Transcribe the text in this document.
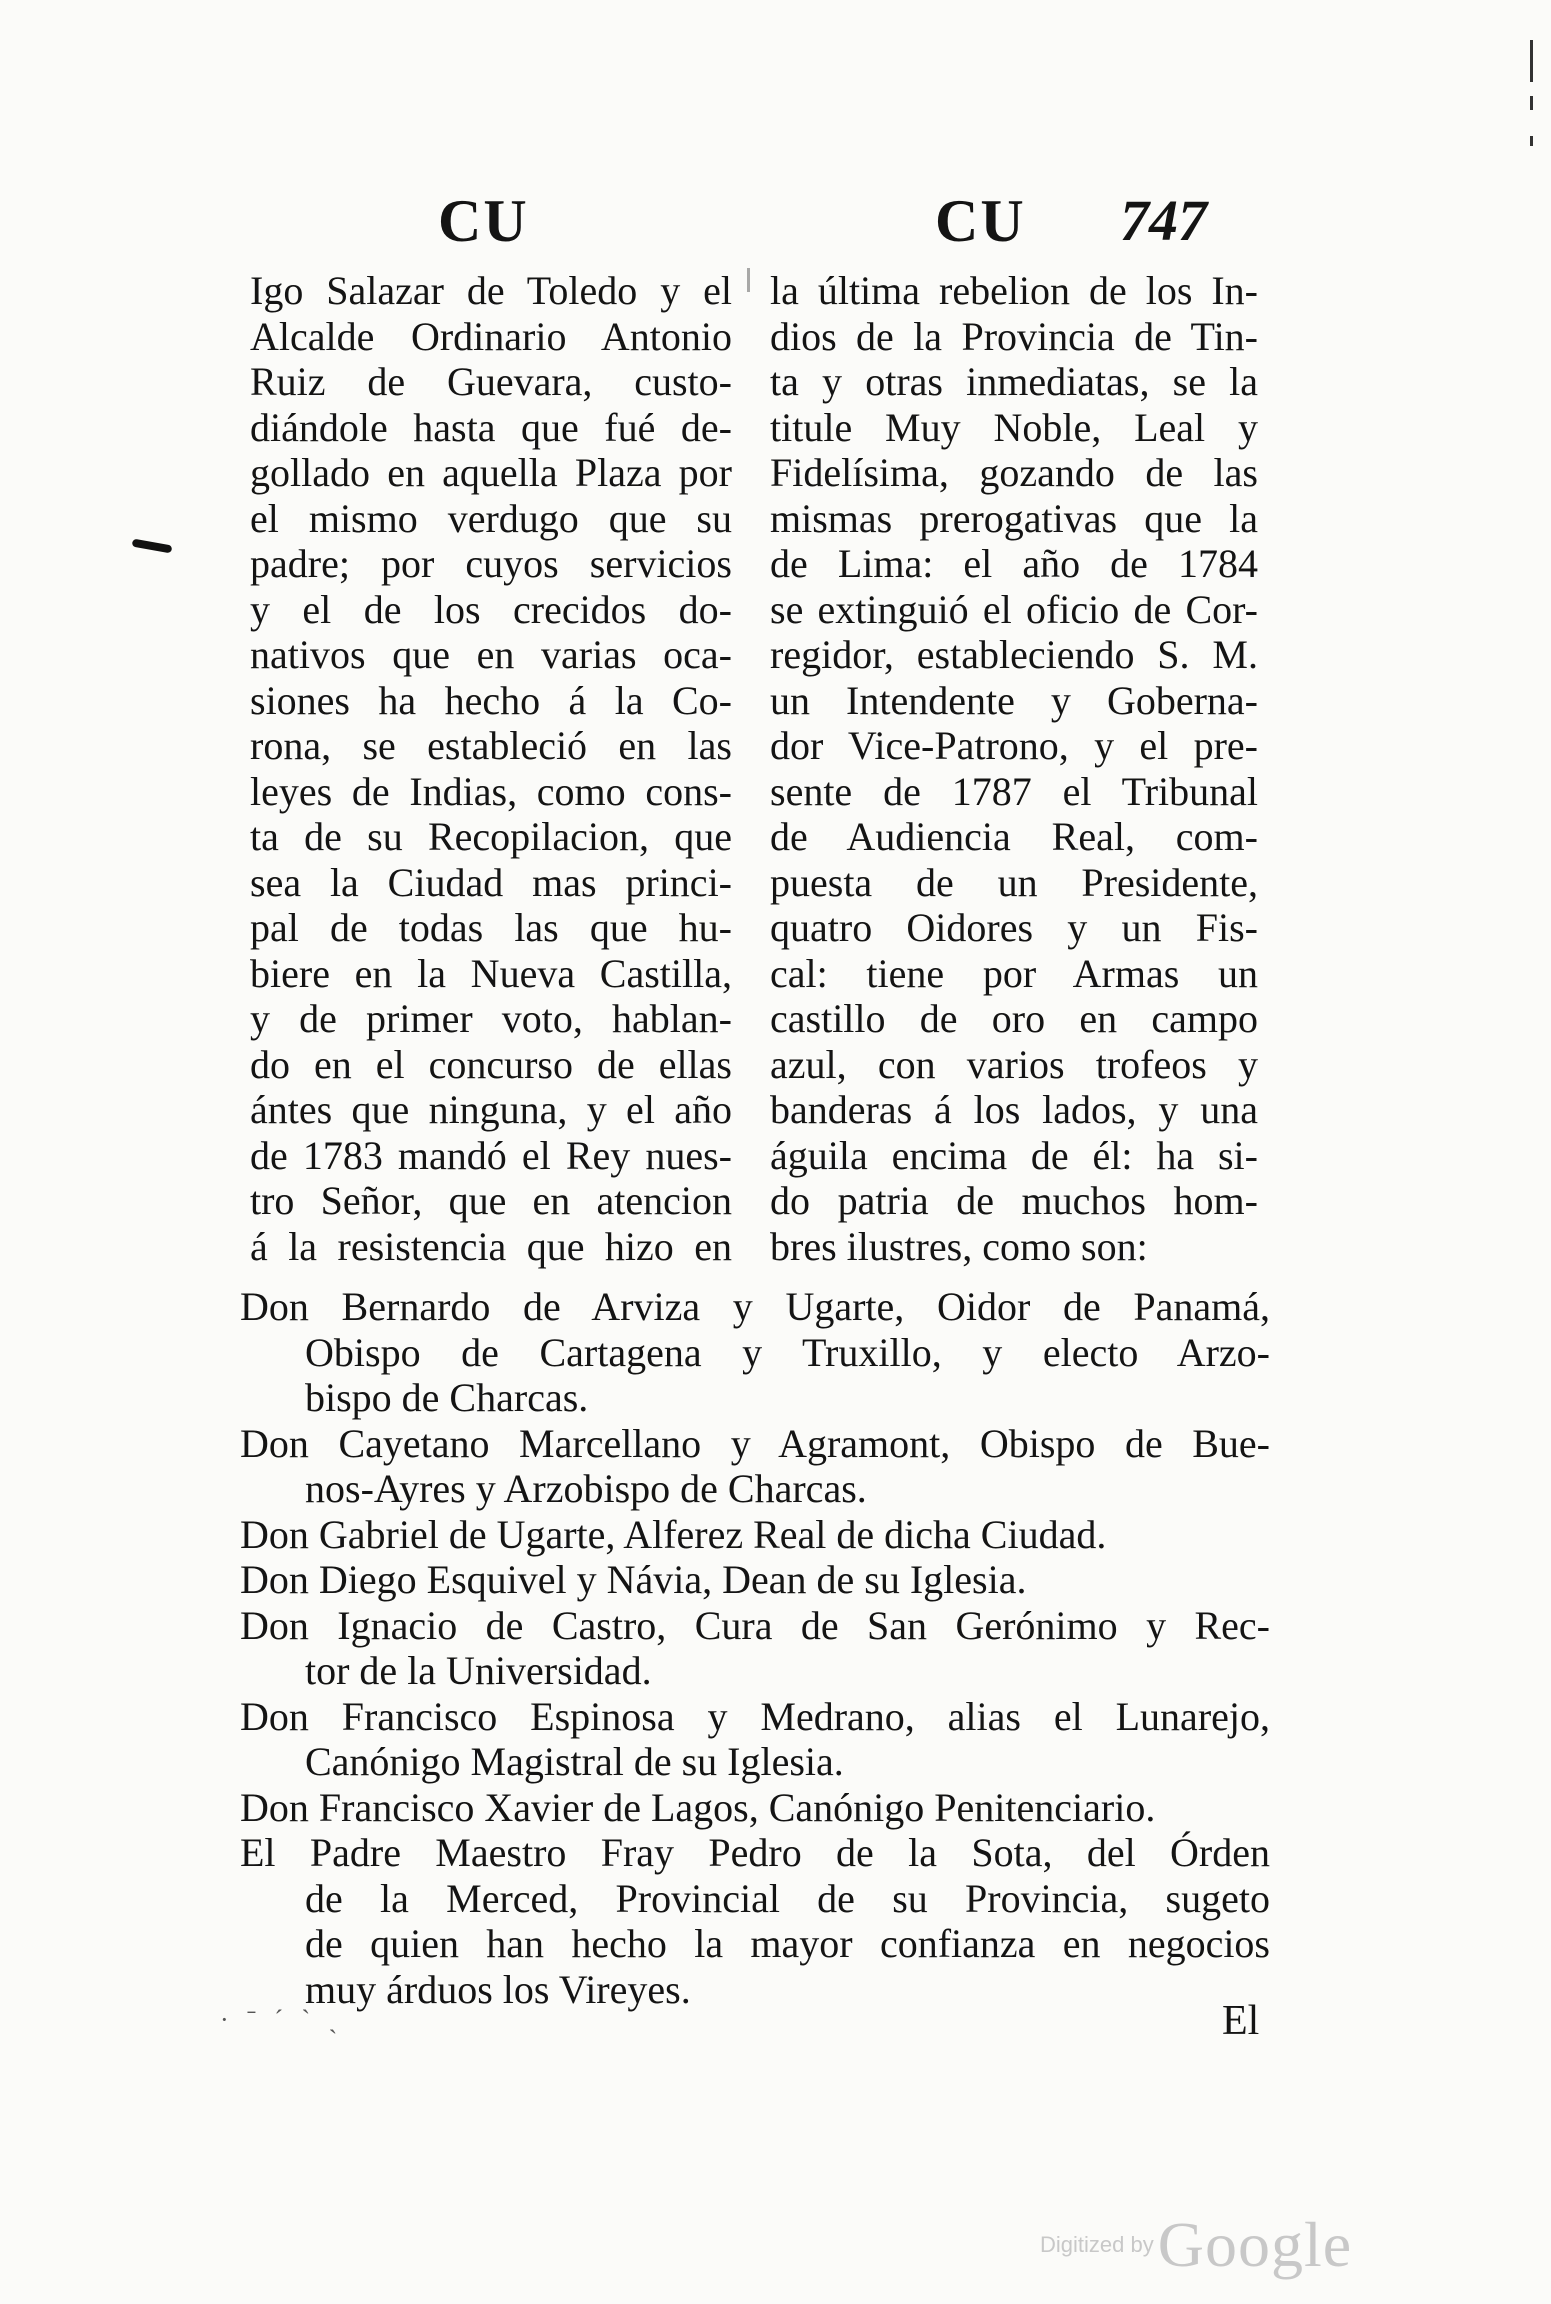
CU	CU 747
Igo Salazar de Toledo y el
Alcalde Ordinario Antonio
Ruiz de Guevara, custo-
diándole hasta que fué de-
gollado en aquella Plaza por
el mismo verdugo que su
padre; por cuyos servicios
y el de los crecidos do-
nativos que en varias oca-
siones ha hecho á la Co-
rona, se estableció en las
leyes de Indias, como cons-
ta de su Recopilacion, que
sea la Ciudad mas princi-
pal de todas las que hu-
biere en la Nueva Castilla,
y de primer voto, hablan-
do en el concurso de ellas
ántes que ninguna, y el año
de 1783 mandó el Rey nues-
tro Señor, que en atencion
á la resistencia que hizo en
la última rebelion de los In-
dios de la Provincia de Tin-
ta y otras inmediatas, se la
titule Muy Noble, Leal y
Fidelísima, gozando de las
mismas prerogativas que la
de Lima: el año de 1784
se extinguió el oficio de Cor-
regidor, estableciendo S. M.
un Intendente y Goberna-
dor Vice-Patrono, y el pre-
sente de 1787 el Tribunal
de Audiencia Real, com-
puesta de un Presidente,
quatro Oidores y un Fis-
cal: tiene por Armas un
castillo de oro en campo
azul, con varios trofeos y
banderas á los lados, y una
águila encima de él: ha si-
do patria de muchos hom-
bres ilustres, como son:
Don Bernardo de Arviza y Ugarte, Oidor de Panamá,
Obispo de Cartagena y Truxillo, y electo Arzo-
bispo de Charcas.
Don Cayetano Marcellano y Agramont, Obispo de Bue-
nos-Ayres y Arzobispo de Charcas.
Don Gabriel de Ugarte, Alferez Real de dicha Ciudad.
Don Diego Esquivel y Návia, Dean de su Iglesia.
Don Ignacio de Castro, Cura de San Gerónimo y Rec-
tor de la Universidad.
Don Francisco Espinosa y Medrano, alias el Lunarejo,
Canónigo Magistral de su Iglesia.
Don Francisco Xavier de Lagos, Canónigo Penitenciario.
El Padre Maestro Fray Pedro de la Sota, del Órden
de la Merced, Provincial de su Provincia, sugeto
de quien han hecho la mayor confianza en negocios
muy árduos los Vireyes.
· ˉ ˊ ˋ ˎ	El
Digitized by Google
